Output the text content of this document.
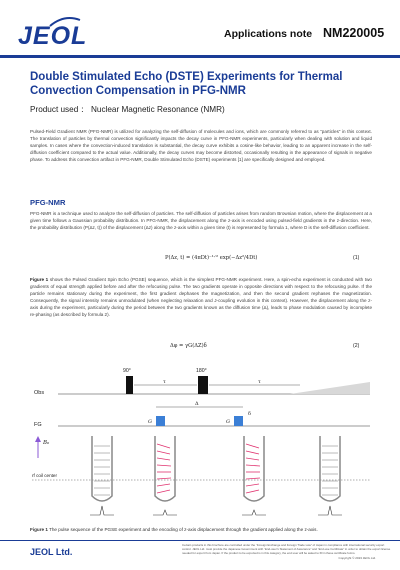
JEOL	Applications note NM220005
Double Stimulated Echo (DSTE) Experiments for Thermal
Convection Compensation in PFG-NMR
Product used ： Nuclear Magnetic Resonance (NMR)
Pulsed-Field Gradient NMR (PFG-NMR) is utilized for analyzing the self-diffusion of molecules and ions, which are commonly referred to as “particles” in this context. The translation of particles by thermal convection significantly impacts the decay curve in PFG-NMR experiments, particularly when dealing with solution and liquid samples. In cases where the convection-induced translation is substantial, the decay curve exhibits a cosine-like behavior, leading to an apparent increase in the self-diffusion coefficient compared to the actual value. Additionally, the decay curves may become distorted, occasionally resulting in the appearance of signals in negative phase. To address this convection artifact in PFG-NMR, Double Stimulated Echo (DSTE) experiments [1] are specifically designed and employed.
PFG-NMR
PFG-NMR is a technique used to analyze the self-diffusion of particles. The self-diffusion of particles arises from random Brownian motion, where the displacement at a given time follows a Gaussian probability distribution. In PFG-NMR, the displacement along the z-axis is encoded using pulsed-field gradients in the z-direction. Here, the probability distribution (P(Δz, t)) of the displacement (Δz) along the z-axis within a given time (t) is represented by formula 1, where D is the self-diffusion coefficient.
P(Δz, t) = (4πDt)⁻¹ᐟ² exp(−Δz²/4Dt)	(1)
Figure 1 shows the Pulsed Gradient Spin Echo (PGSE) sequence, which is the simplest PFG-NMR experiment. Here, a spin-echo experiment is conducted with two gradients of equal strength applied before and after the refocusing pulse. The two gradients operate in opposite directions with respect to the refocusing pulse. If the particle remains stationary during the experiment, the first gradient dephases the magnetization, and then the second gradient rephases the magnetization. Consequently, the signal intensity remains unmodulated (when neglecting relaxation and J-coupling evolution in this context). However, the displacement along the z-axis during the experiment, particularly during the period between the two gradients known as the diffusion time (Δ), leads to phase modulation caused by incomplete re-phasing (as described by formula 2).
Δφ = γG(ΔZ)δ	(2)
Obs
90°	180°
τ	τ
FG	G	G
Δ
δ
B₀
rf coil center
Figure 1 The pulse sequence of the PGSE experiment and the encoding of z-axis displacement through the gradient applied along the z-axis.
JEOL Ltd.
Certain products in this brochure are controlled under the “Foreign Exchange and Foreign Trade Law” of Japan in compliance with international security export control. JEOL Ltd. must provide the Japanese Government with “End-user’s Statement of Assurance” and “End-use Certificate” in order to obtain the export license needed for export from Japan. If the product to be exported is in this category, the end user will be asked to fill in these certificate forms.
Copyright © 2023 JEOL Ltd.
